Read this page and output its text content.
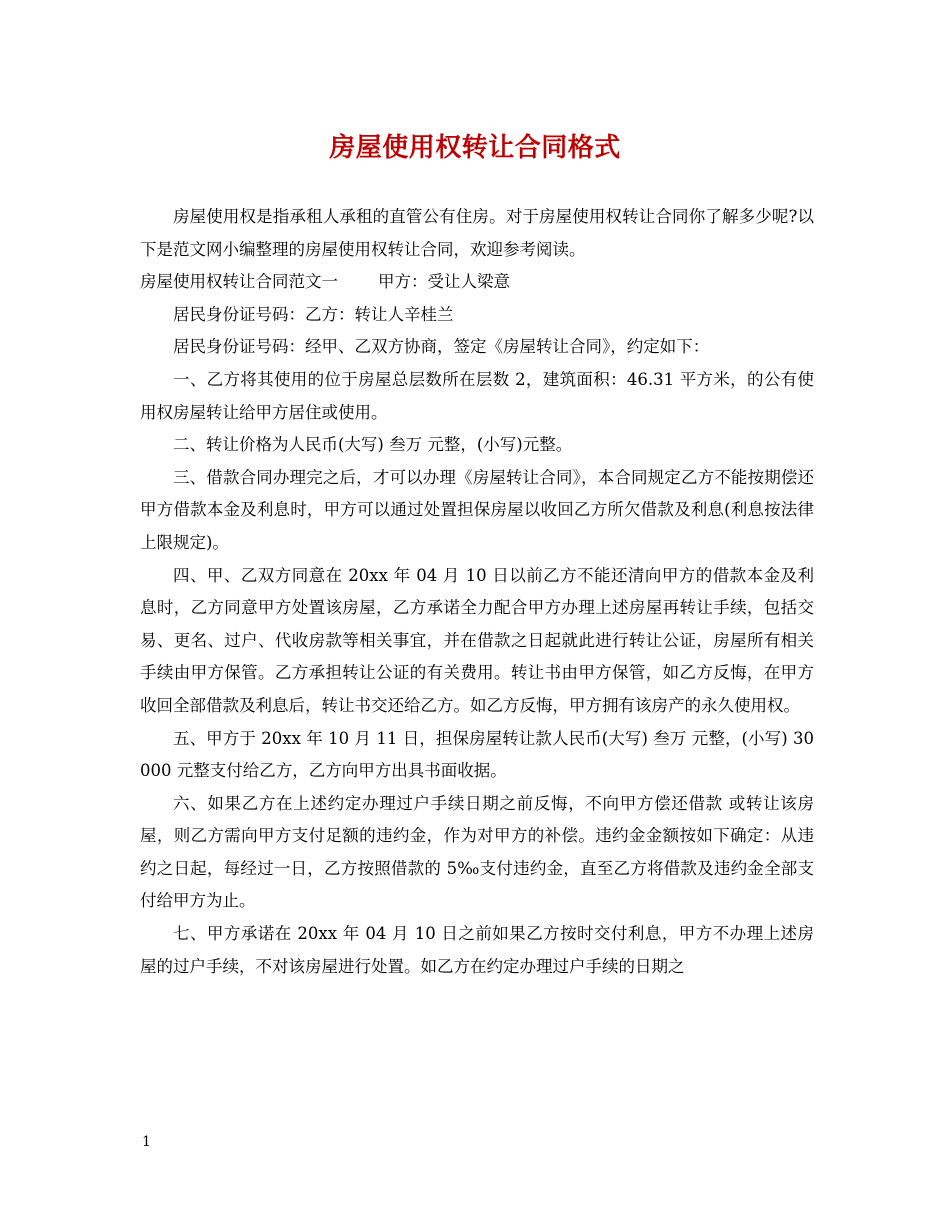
房屋使用权转让合同格式

房屋使用权是指承租人承租的直管公有住房。对于房屋使用权转让合同你了解多少呢?以下是范文网小编整理的房屋使用权转让合同，欢迎参考阅读。

房屋使用权转让合同范文一 甲方：受让人梁意

居民身份证号码：乙方：转让人辛桂兰

居民身份证号码：经甲、乙双方协商，签定《房屋转让合同》，约定如下：

一、乙方将其使用的位于房屋总层数所在层数 2，建筑面积：46.31 平方米，的公有使用权房屋转让给甲方居住或使用。

二、转让价格为人民币(大写) 叁万 元整，(小写)元整。

三、借款合同办理完之后，才可以办理《房屋转让合同》，本合同规定乙方不能按期偿还甲方借款本金及利息时，甲方可以通过处置担保房屋以收回乙方所欠借款及利息(利息按法律上限规定)。

四、甲、乙双方同意在 20xx 年 04 月 10 日以前乙方不能还清向甲方的借款本金及利息时，乙方同意甲方处置该房屋，乙方承诺全力配合甲方办理上述房屋再转让手续，包括交易、更名、过户、代收房款等相关事宜，并在借款之日起就此进行转让公证，房屋所有相关手续由甲方保管。乙方承担转让公证的有关费用。转让书由甲方保管，如乙方反悔，在甲方收回全部借款及利息后，转让书交还给乙方。如乙方反悔，甲方拥有该房产的永久使用权。

五、甲方于 20xx 年 10 月 11 日，担保房屋转让款人民币(大写) 叁万 元整，(小写) 30000 元整支付给乙方，乙方向甲方出具书面收据。

六、如果乙方在上述约定办理过户手续日期之前反悔，不向甲方偿还借款 或转让该房屋，则乙方需向甲方支付足额的违约金，作为对甲方的补偿。违约金金额按如下确定：从违约之日起，每经过一日，乙方按照借款的 5‰支付违约金，直至乙方将借款及违约金全部支付给甲方为止。

七、甲方承诺在 20xx 年 04 月 10 日之前如果乙方按时交付利息，甲方不办理上述房屋的过户手续，不对该房屋进行处置。如乙方在约定办理过户手续的日期之

1
